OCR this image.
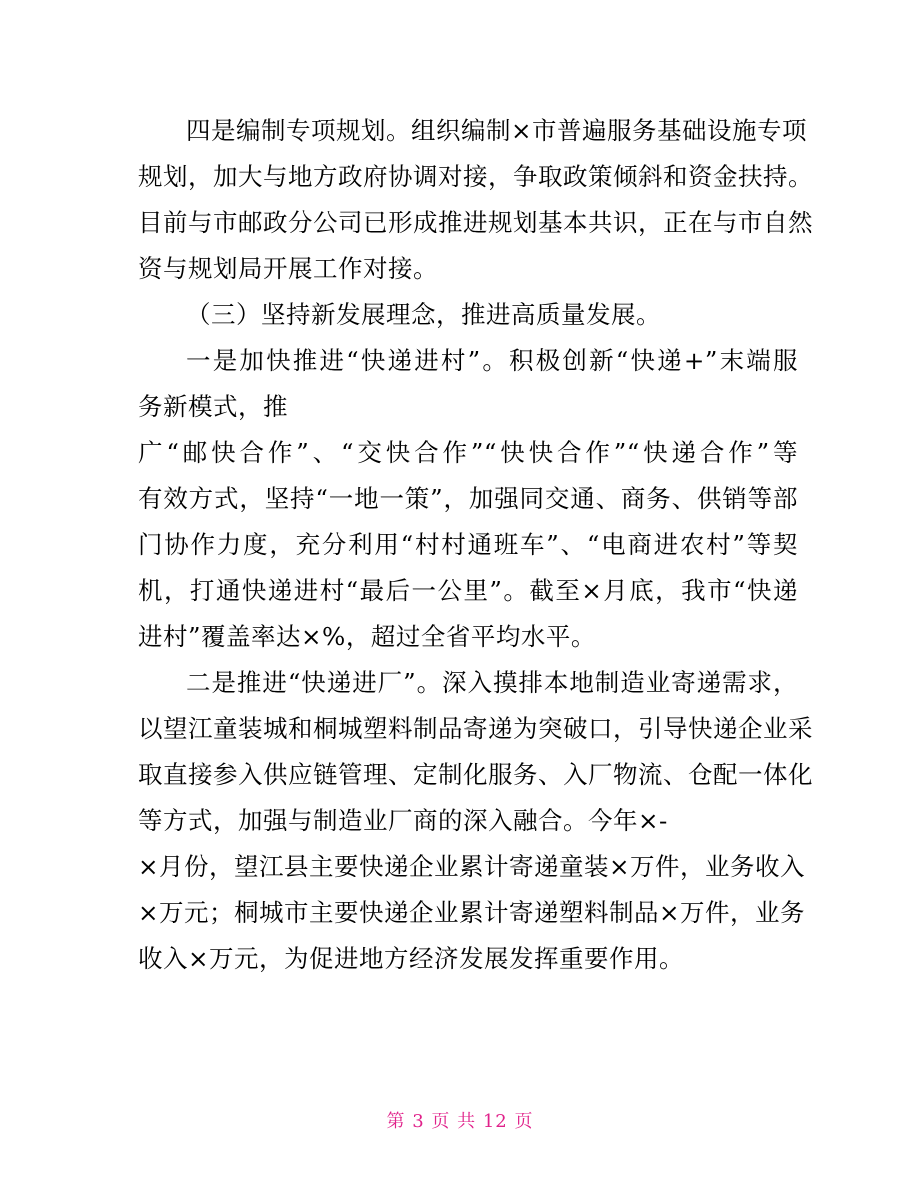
四是编制专项规划。组织编制×市普遍服务基础设施专项
规划，加大与地方政府协调对接，争取政策倾斜和资金扶持。
目前与市邮政分公司已形成推进规划基本共识，正在与市自然
资与规划局开展工作对接。
（三）坚持新发展理念，推进高质量发展。
一是加快推进“快递进村”。积极创新“快递+”末端服
务新模式，推
广“邮快合作”、“交快合作”“快快合作”“快递合作”等
有效方式，坚持“一地一策”，加强同交通、商务、供销等部
门协作力度，充分利用“村村通班车”、“电商进农村”等契
机，打通快递进村“最后一公里”。截至×月底，我市“快递
进村”覆盖率达×%，超过全省平均水平。
二是推进“快递进厂”。深入摸排本地制造业寄递需求，
以望江童装城和桐城塑料制品寄递为突破口，引导快递企业采
取直接参入供应链管理、定制化服务、入厂物流、仓配一体化
等方式，加强与制造业厂商的深入融合。今年×-
×月份，望江县主要快递企业累计寄递童装×万件，业务收入
×万元；桐城市主要快递企业累计寄递塑料制品×万件，业务
收入×万元，为促进地方经济发展发挥重要作用。
第 3 页 共 12 页
